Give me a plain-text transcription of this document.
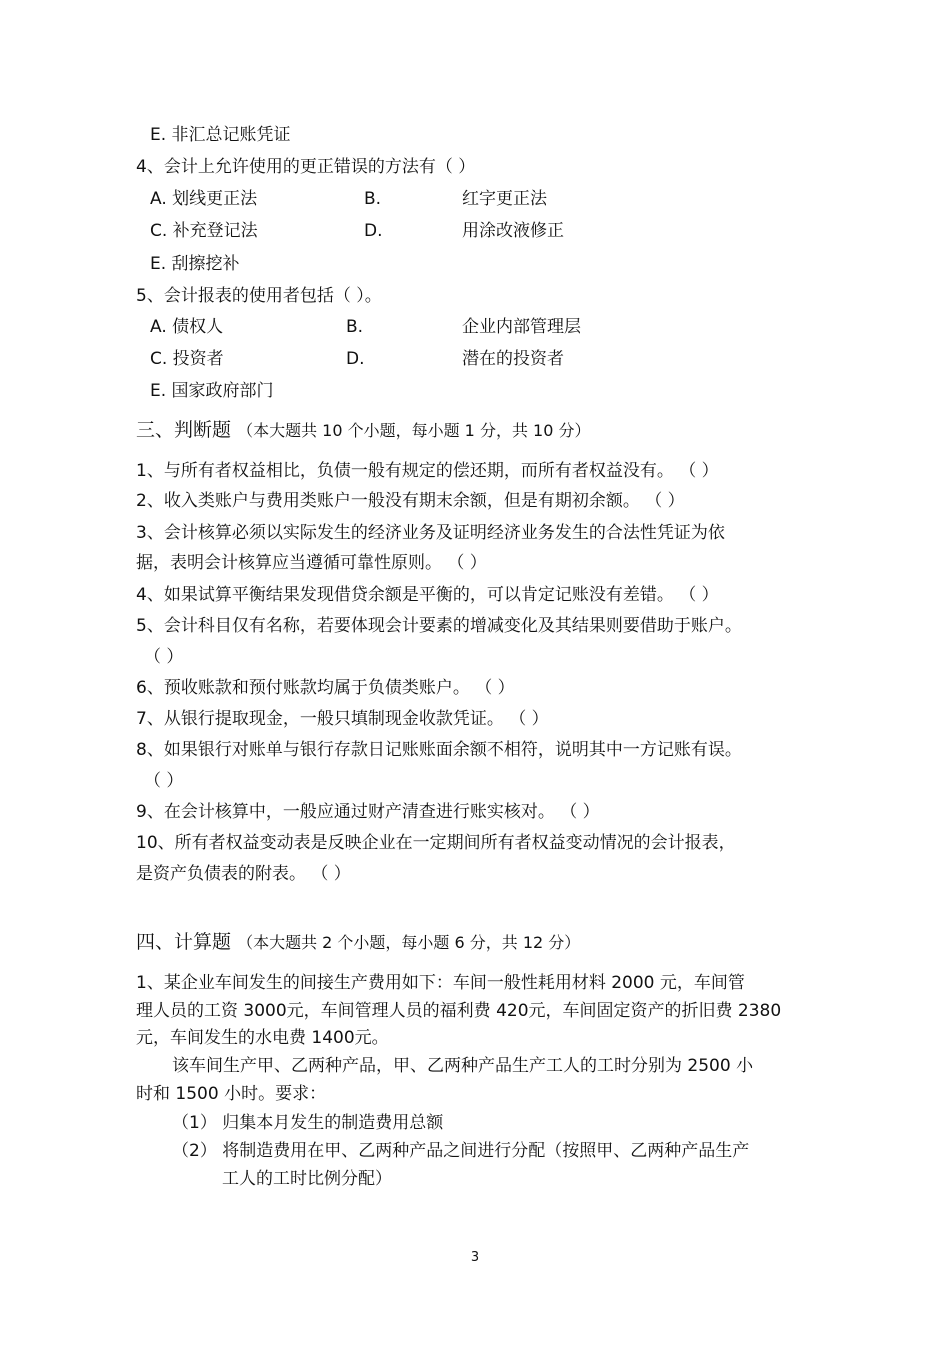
E. 非汇总记账凭证
4、会计上允许使用的更正错误的方法有（ ）
A. 划线更正法	B.	红字更正法
C. 补充登记法	D.	用涂改液修正
E. 刮擦挖补
5、会计报表的使用者包括（ ）。
A. 债权人	B.	企业内部管理层
C. 投资者	D.	潜在的投资者
E. 国家政府部门
三、判断题 （本大题共 10 个小题，每小题 1 分，共 10 分）
1、与所有者权益相比，负债一般有规定的偿还期，而所有者权益没有。 （ ）
2、收入类账户与费用类账户一般没有期末余额，但是有期初余额。 （ ）
3、会计核算必须以实际发生的经济业务及证明经济业务发生的合法性凭证为依
据，表明会计核算应当遵循可靠性原则。 （ ）
4、如果试算平衡结果发现借贷余额是平衡的，可以肯定记账没有差错。 （ ）
5、会计科目仅有名称，若要体现会计要素的增减变化及其结果则要借助于账户。
（ ）
6、预收账款和预付账款均属于负债类账户。 （ ）
7、从银行提取现金，一般只填制现金收款凭证。 （ ）
8、如果银行对账单与银行存款日记账账面余额不相符，说明其中一方记账有误。
（ ）
9、在会计核算中，一般应通过财产清查进行账实核对。 （ ）
10、所有者权益变动表是反映企业在一定期间所有者权益变动情况的会计报表，
是资产负债表的附表。 （ ）
四、计算题 （本大题共 2 个小题，每小题 6 分，共 12 分）
1、某企业车间发生的间接生产费用如下：车间一般性耗用材料 2000 元，车间管
理人员的工资 3000元，车间管理人员的福利费 420元，车间固定资产的折旧费 2380
元，车间发生的水电费 1400元。
该车间生产甲、乙两种产品，甲、乙两种产品生产工人的工时分别为 2500 小
时和 1500 小时。要求：
（1） 归集本月发生的制造费用总额
（2） 将制造费用在甲、乙两种产品之间进行分配（按照甲、乙两种产品生产
工人的工时比例分配）
3
